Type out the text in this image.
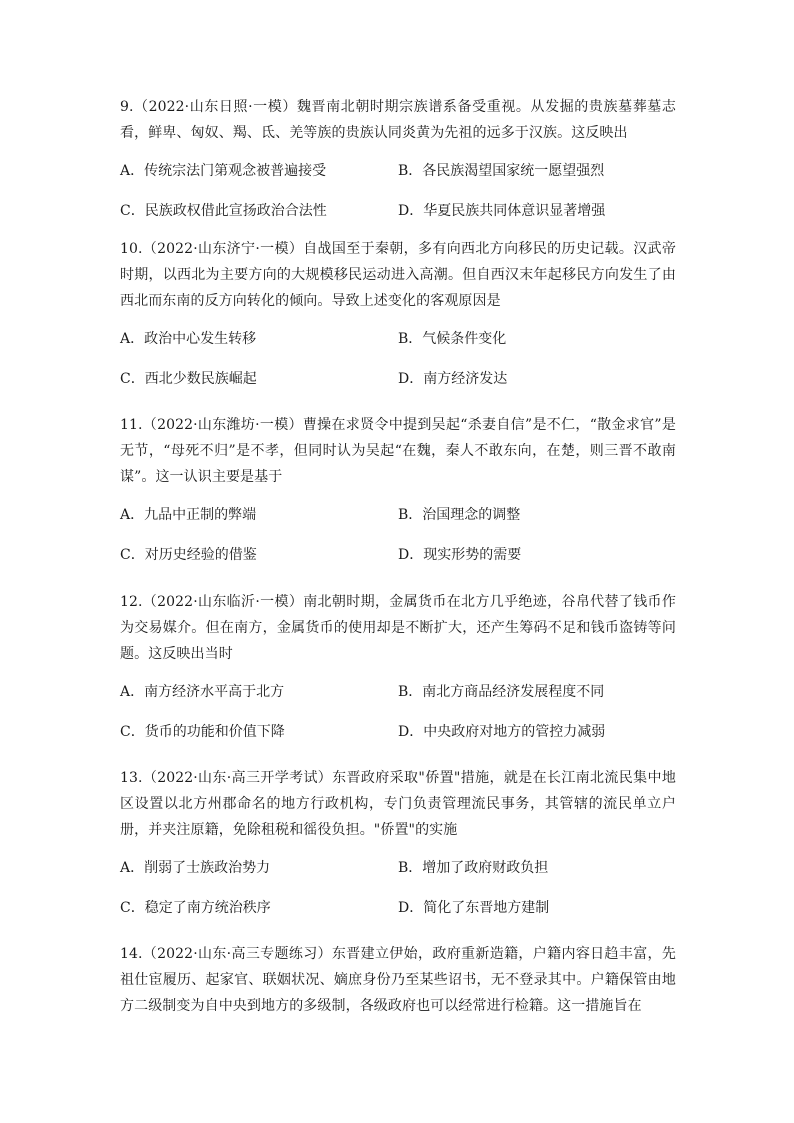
9.（2022·山东日照·一模）魏晋南北朝时期宗族谱系备受重视。从发掘的贵族墓葬墓志看，鲜卑、匈奴、羯、氐、羌等族的贵族认同炎黄为先祖的远多于汉族。这反映出

A．传统宗法门第观念被普遍接受	B．各民族渴望国家统一愿望强烈
C．民族政权借此宣扬政治合法性	D．华夏民族共同体意识显著增强

10.（2022·山东济宁·一模）自战国至于秦朝，多有向西北方向移民的历史记载。汉武帝时期，以西北为主要方向的大规模移民运动进入高潮。但自西汉末年起移民方向发生了由西北而东南的反方向转化的倾向。导致上述变化的客观原因是

A．政治中心发生转移	B．气候条件变化
C．西北少数民族崛起	D．南方经济发达

11.（2022·山东潍坊·一模）曹操在求贤令中提到吴起“杀妻自信”是不仁，“散金求官”是无节，“母死不归”是不孝，但同时认为吴起“在魏，秦人不敢东向，在楚，则三晋不敢南谋”。这一认识主要是基于

A．九品中正制的弊端	B．治国理念的调整
C．对历史经验的借鉴	D．现实形势的需要

12.（2022·山东临沂·一模）南北朝时期，金属货币在北方几乎绝迹，谷帛代替了钱币作为交易媒介。但在南方，金属货币的使用却是不断扩大，还产生筹码不足和钱币盗铸等问题。这反映出当时

A．南方经济水平高于北方	B．南北方商品经济发展程度不同
C．货币的功能和价值下降	D．中央政府对地方的管控力减弱

13.（2022·山东·高三开学考试）东晋政府采取"侨置"措施，就是在长江南北流民集中地区设置以北方州郡命名的地方行政机构，专门负责管理流民事务，其管辖的流民单立户册，并夹注原籍，免除租税和徭役负担。"侨置"的实施

A．削弱了士族政治势力	B．增加了政府财政负担
C．稳定了南方统治秩序	D．简化了东晋地方建制

14.（2022·山东·高三专题练习）东晋建立伊始，政府重新造籍，户籍内容日趋丰富，先祖仕宦履历、起家官、联姻状况、嫡庶身份乃至某些诏书，无不登录其中。户籍保管由地方二级制变为自中央到地方的多级制，各级政府也可以经常进行检籍。这一措施旨在
